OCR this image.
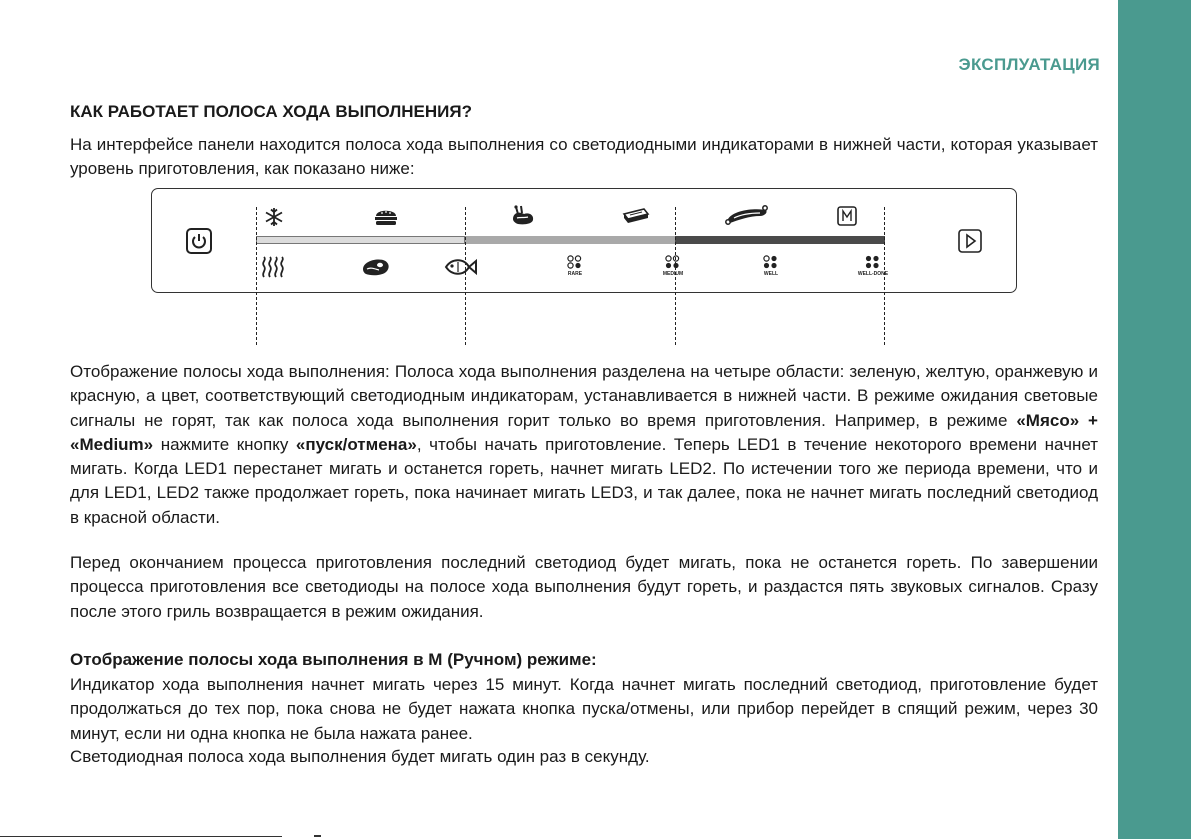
ЭКСПЛУАТАЦИЯ
КАК РАБОТАЕТ ПОЛОСА ХОДА ВЫПОЛНЕНИЯ?

На интерфейсе панели находится полоса хода выполнения со светодиодными индикаторами в нижней части, которая указывает уровень приготовления, как показано ниже:

RARE	MEDIUM	WELL	WELL-DONE

Отображение полосы хода выполнения: Полоса хода выполнения разделена на четыре области: зеленую, желтую, оранжевую и красную, а цвет, соответствующий светодиодным индикаторам, устанавливается в нижней части. В режиме ожидания световые сигналы не горят, так как полоса хода выполнения горит только во время приготовления. Например, в режиме «Мясо» + «Medium» нажмите кнопку «пуск/отмена», чтобы начать приготовление. Теперь LED1 в течение некоторого времени начнет мигать. Когда LED1 перестанет мигать и останется гореть, начнет мигать LED2. По истечении того же периода времени, что и для LED1, LED2 также продолжает гореть, пока начинает мигать LED3, и так далее, пока не начнет мигать последний светодиод в красной области.

Перед окончанием процесса приготовления последний светодиод будет мигать, пока не останется гореть. По завершении процесса приготовления все светодиоды на полосе хода выполнения будут гореть, и раздастся пять звуковых сигналов. Сразу после этого гриль возвращается в режим ожидания.

Отображение полосы хода выполнения в М (Ручном) режиме:

Индикатор хода выполнения начнет мигать через 15 минут. Когда начнет мигать последний светодиод, приготовление будет продолжаться до тех пор, пока снова не будет нажата кнопка пуска/отмены, или прибор перейдет в спящий режим, через 30 минут, если ни одна кнопка не была нажата ранее.

Светодиодная полоса хода выполнения будет мигать один раз в секунду.
